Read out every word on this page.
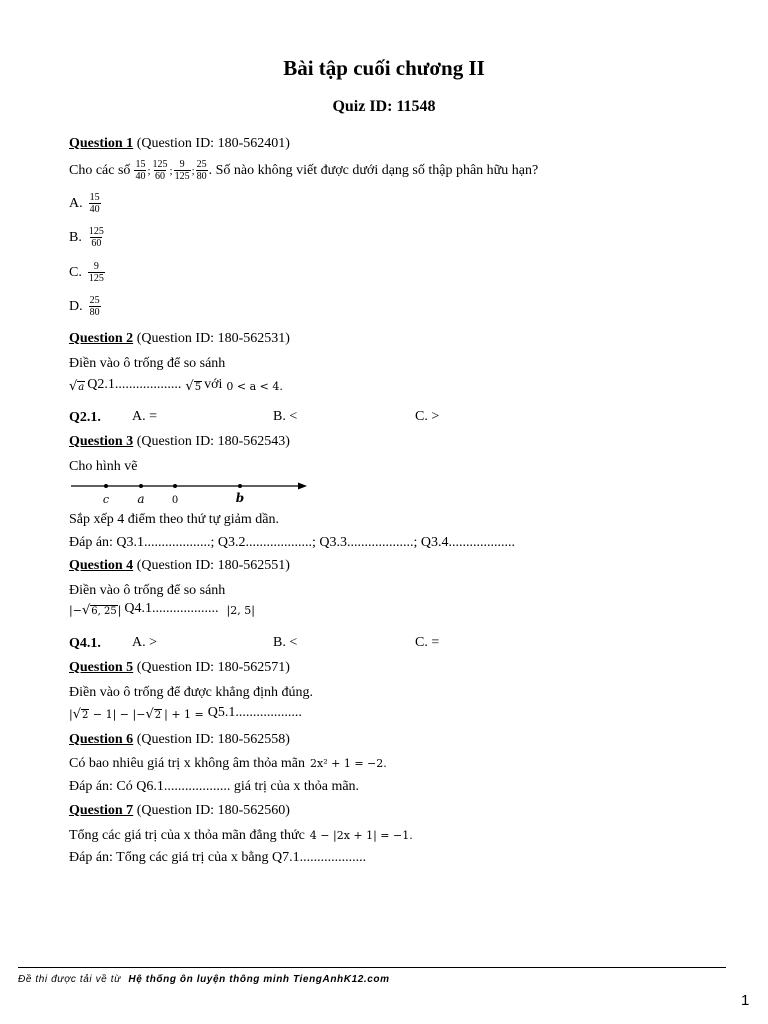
Bài tập cuối chương II
Quiz ID: 11548
Question 1 (Question ID: 180-562401)
Cho các số $\frac{15}{40}$ ; $\frac{125}{60}$ ; $\frac{9}{125}$ ; $\frac{25}{80}$ . Số nào không viết được dưới dạng số thập phân hữu hạn?
A. $\frac{15}{40}$
B. $\frac{125}{60}$
C. $\frac{9}{125}$
D. $\frac{25}{80}$
Question 2 (Question ID: 180-562531)
Điền vào ô trống để so sánh
√ a Q2.1................... √ 5 với 0 < a < 4.
Q2.1. A. =	B. <	C. >
Question 3 (Question ID: 180-562543)
Cho hình vẽ
c a	0	b
Sắp xếp 4 điểm theo thứ tự giảm dần.
Đáp án: Q3.1...................; Q3.2...................; Q3.3...................; Q3.4...................
Question 4 (Question ID: 180-562551)
Điền vào ô trống để so sánh
|− √ 6, 25 | Q4.1................... |2, 5|
Q4.1. A. >	B. <	C. =
Question 5 (Question ID: 180-562571)
Điền vào ô trống để được khẳng định đúng.
| √ 2 − 1| − |− √ 2 | + 1 = Q5.1...................
Question 6 (Question ID: 180-562558)
Có bao nhiêu giá trị x không âm thỏa mãn 2x² + 1 = −2.
Đáp án: Có Q6.1................... giá trị của x thỏa mãn.
Question 7 (Question ID: 180-562560)
Tổng các giá trị của x thỏa mãn đẳng thức 4 − |2x + 1| = −1.
Đáp án: Tổng các giá trị của x bằng Q7.1...................
Đề thi được tải về từ Hệ thống ôn luyện thông minh TiengAnhK12.com
1
